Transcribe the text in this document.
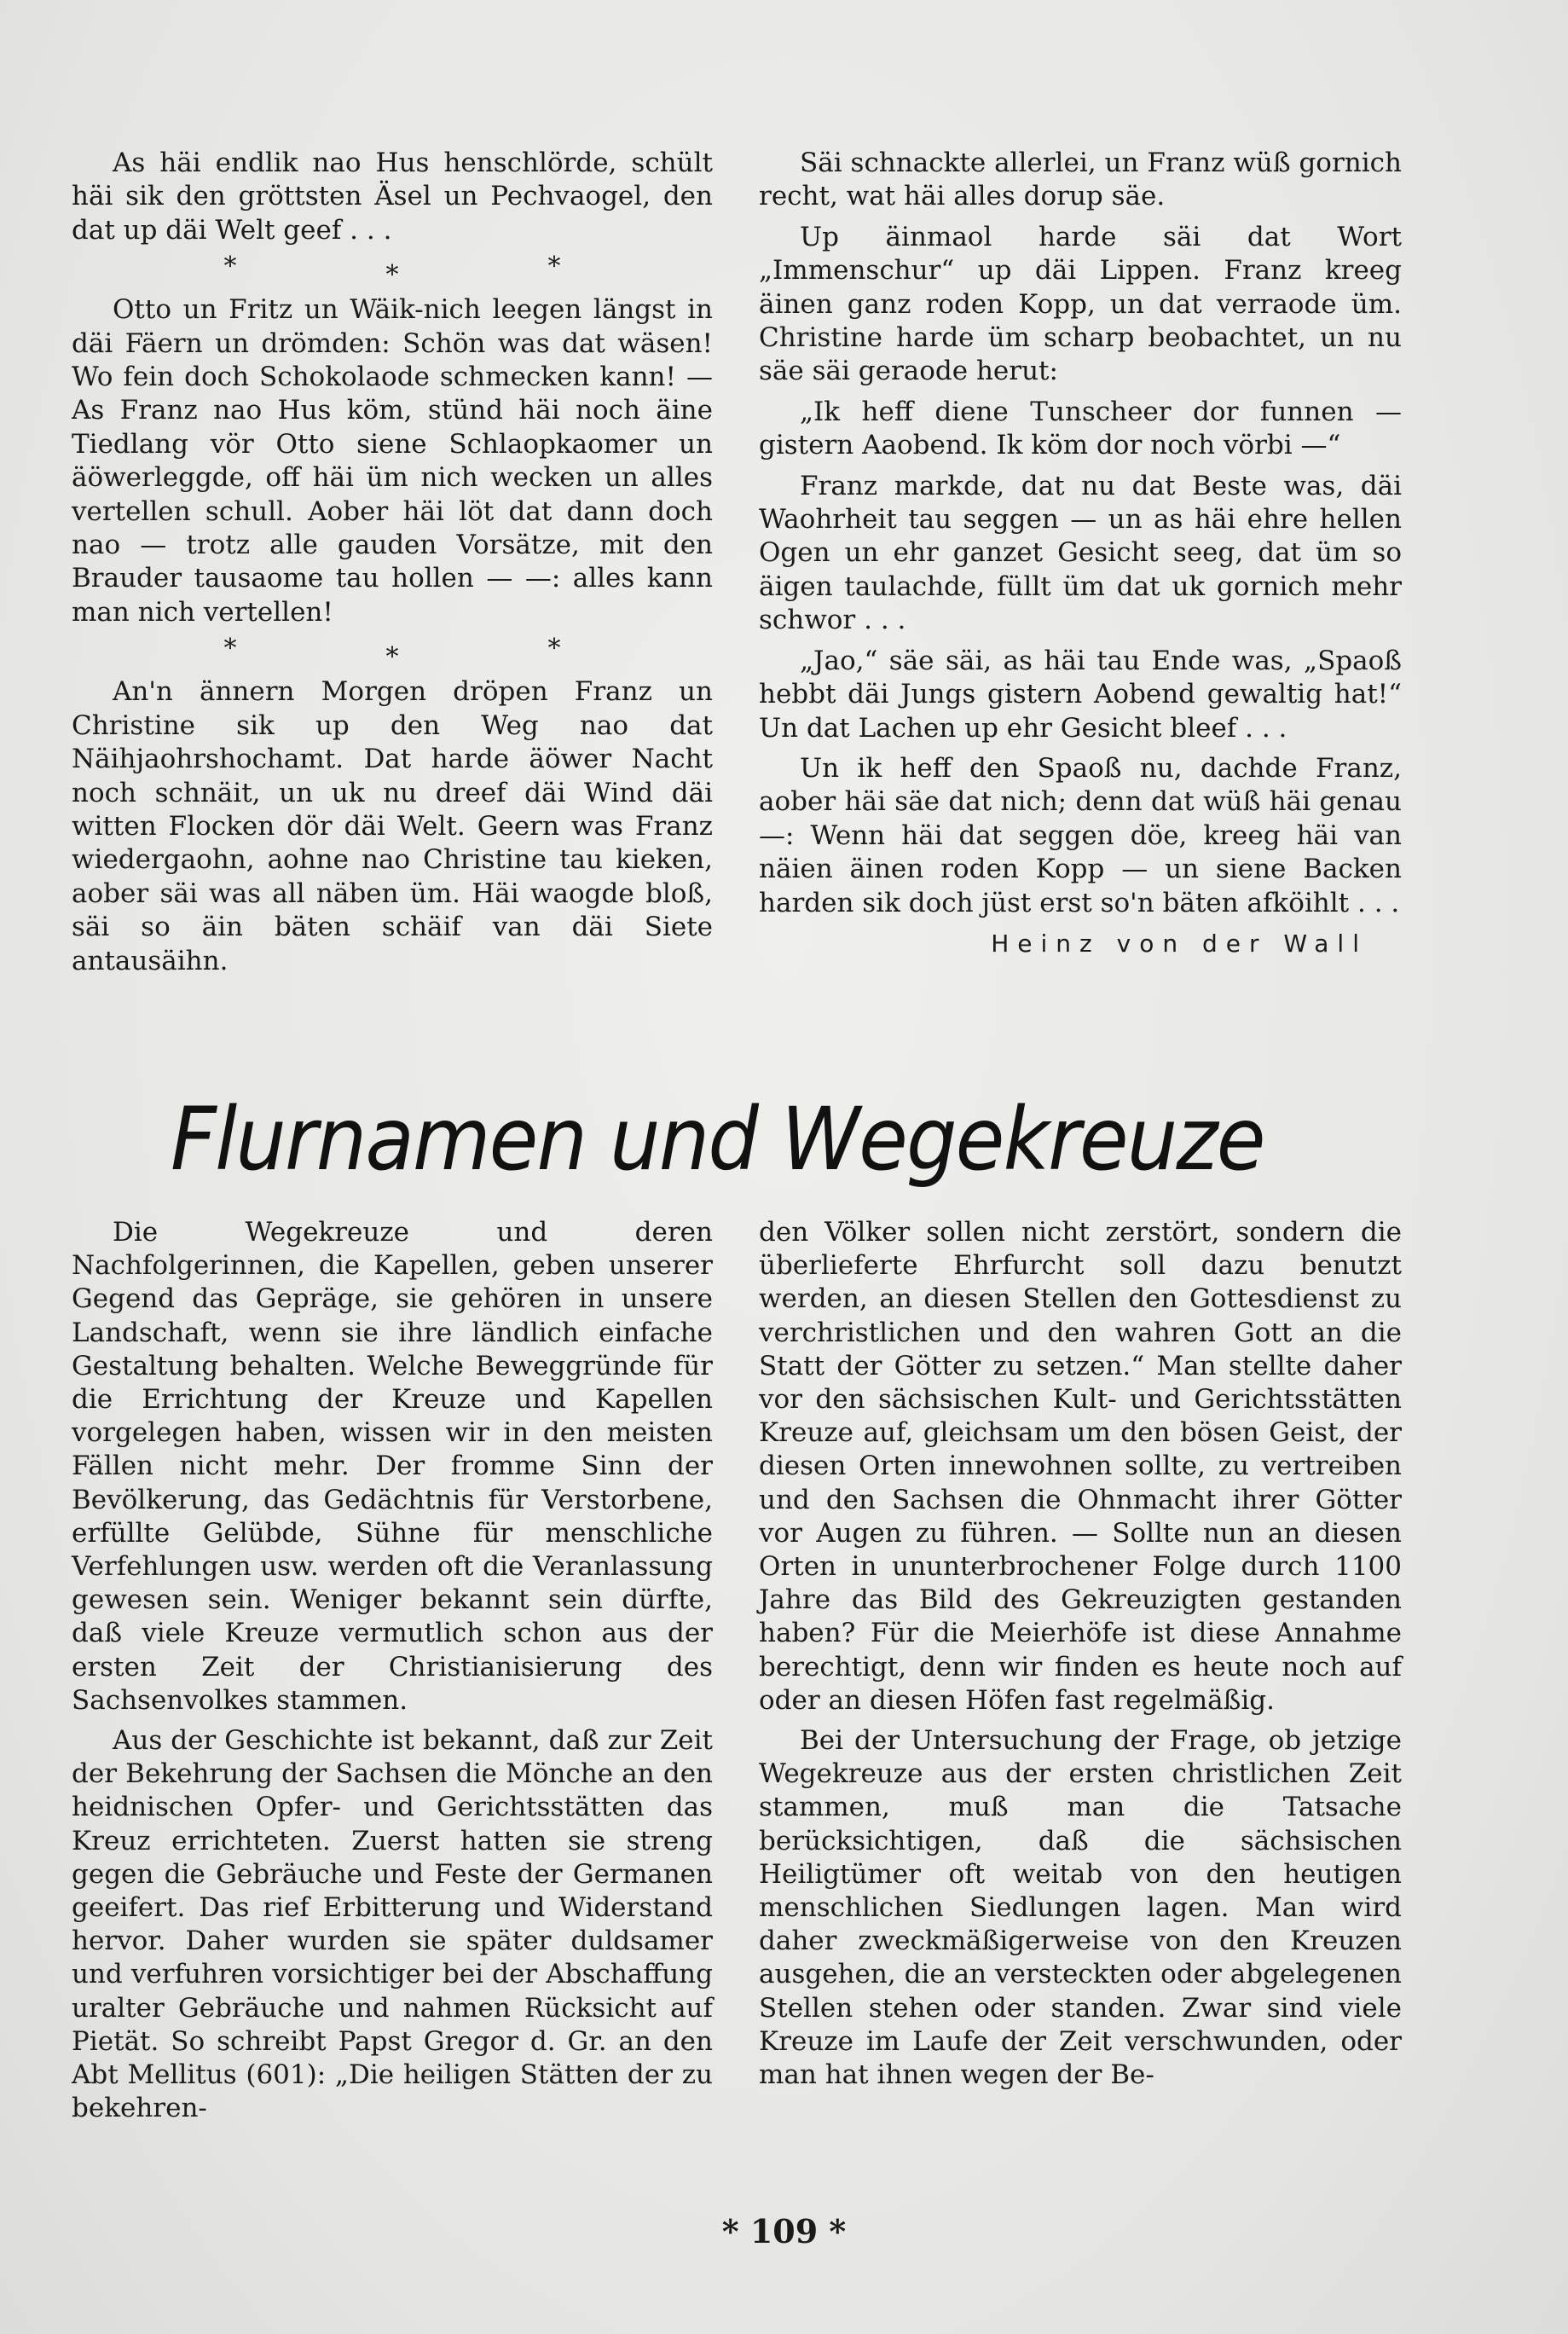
As häi endlik nao Hus henschlörde, schült häi sik den gröttsten Äsel un Pechvaogel, den dat up däi Welt geef . . .

*	*	*

Otto un Fritz un Wäik-nich leegen längst in däi Fäern un drömden: Schön was dat wäsen! Wo fein doch Schokolaode schmecken kann! — As Franz nao Hus köm, stünd häi noch äine Tiedlang vör Otto siene Schlaopkaomer un äöwerleggde, off häi üm nich wecken un alles vertellen schull. Aober häi löt dat dann doch nao — trotz alle gauden Vorsätze, mit den Brauder tausaome tau hollen — —: alles kann man nich vertellen!

*	*	*

An'n ännern Morgen dröpen Franz un Christine sik up den Weg nao dat Näihjaohrshochamt. Dat harde äöwer Nacht noch schnäit, un uk nu dreef däi Wind däi witten Flocken dör däi Welt. Geern was Franz wiedergaohn, aohne nao Christine tau kieken, aober säi was all näben üm. Häi waogde bloß, säi so äin bäten schäif van däi Siete antausäihn.

Säi schnackte allerlei, un Franz wüß gornich recht, wat häi alles dorup säe.

Up äinmaol harde säi dat Wort „Immenschur“ up däi Lippen. Franz kreeg äinen ganz roden Kopp, un dat verraode üm. Christine harde üm scharp beobachtet, un nu säe säi geraode herut:

„Ik heff diene Tunscheer dor funnen — gistern Aaobend. Ik köm dor noch vörbi —“

Franz markde, dat nu dat Beste was, däi Waohrheit tau seggen — un as häi ehre hellen Ogen un ehr ganzet Gesicht seeg, dat üm so äigen taulachde, füllt üm dat uk gornich mehr schwor . . .

„Jao,“ säe säi, as häi tau Ende was, „Spaoß hebbt däi Jungs gistern Aobend gewaltig hat!“ Un dat Lachen up ehr Gesicht bleef . . .

Un ik heff den Spaoß nu, dachde Franz, aober häi säe dat nich; denn dat wüß häi genau —: Wenn häi dat seggen döe, kreeg häi van näien äinen roden Kopp — un siene Backen harden sik doch jüst erst so'n bäten afköihlt . . .

Heinz von der Wall
Flurnamen und Wegekreuze

Die Wegekreuze und deren Nachfolgerinnen, die Kapellen, geben unserer Gegend das Gepräge, sie gehören in unsere Landschaft, wenn sie ihre ländlich einfache Gestaltung behalten. Welche Beweggründe für die Errichtung der Kreuze und Kapellen vorgelegen haben, wissen wir in den meisten Fällen nicht mehr. Der fromme Sinn der Bevölkerung, das Gedächtnis für Verstorbene, erfüllte Gelübde, Sühne für menschliche Verfehlungen usw. werden oft die Veranlassung gewesen sein. Weniger bekannt sein dürfte, daß viele Kreuze vermutlich schon aus der ersten Zeit der Christianisierung des Sachsenvolkes stammen.

Aus der Geschichte ist bekannt, daß zur Zeit der Bekehrung der Sachsen die Mönche an den heidnischen Opfer- und Gerichtsstätten das Kreuz errichteten. Zuerst hatten sie streng gegen die Gebräuche und Feste der Germanen geeifert. Das rief Erbitterung und Widerstand hervor. Daher wurden sie später duldsamer und verfuhren vorsichtiger bei der Abschaffung uralter Gebräuche und nahmen Rücksicht auf Pietät. So schreibt Papst Gregor d. Gr. an den Abt Mellitus (601): „Die heiligen Stätten der zu bekehren-

den Völker sollen nicht zerstört, sondern die überlieferte Ehrfurcht soll dazu benutzt werden, an diesen Stellen den Gottesdienst zu verchristlichen und den wahren Gott an die Statt der Götter zu setzen.“ Man stellte daher vor den sächsischen Kult- und Gerichtsstätten Kreuze auf, gleichsam um den bösen Geist, der diesen Orten innewohnen sollte, zu vertreiben und den Sachsen die Ohnmacht ihrer Götter vor Augen zu führen. — Sollte nun an diesen Orten in ununterbrochener Folge durch 1100 Jahre das Bild des Gekreuzigten gestanden haben? Für die Meierhöfe ist diese Annahme berechtigt, denn wir finden es heute noch auf oder an diesen Höfen fast regelmäßig.

Bei der Untersuchung der Frage, ob jetzige Wegekreuze aus der ersten christlichen Zeit stammen, muß man die Tatsache berücksichtigen, daß die sächsischen Heiligtümer oft weitab von den heutigen menschlichen Siedlungen lagen. Man wird daher zweckmäßigerweise von den Kreuzen ausgehen, die an versteckten oder abgelegenen Stellen stehen oder standen. Zwar sind viele Kreuze im Laufe der Zeit verschwunden, oder man hat ihnen wegen der Be-

* 109 *
